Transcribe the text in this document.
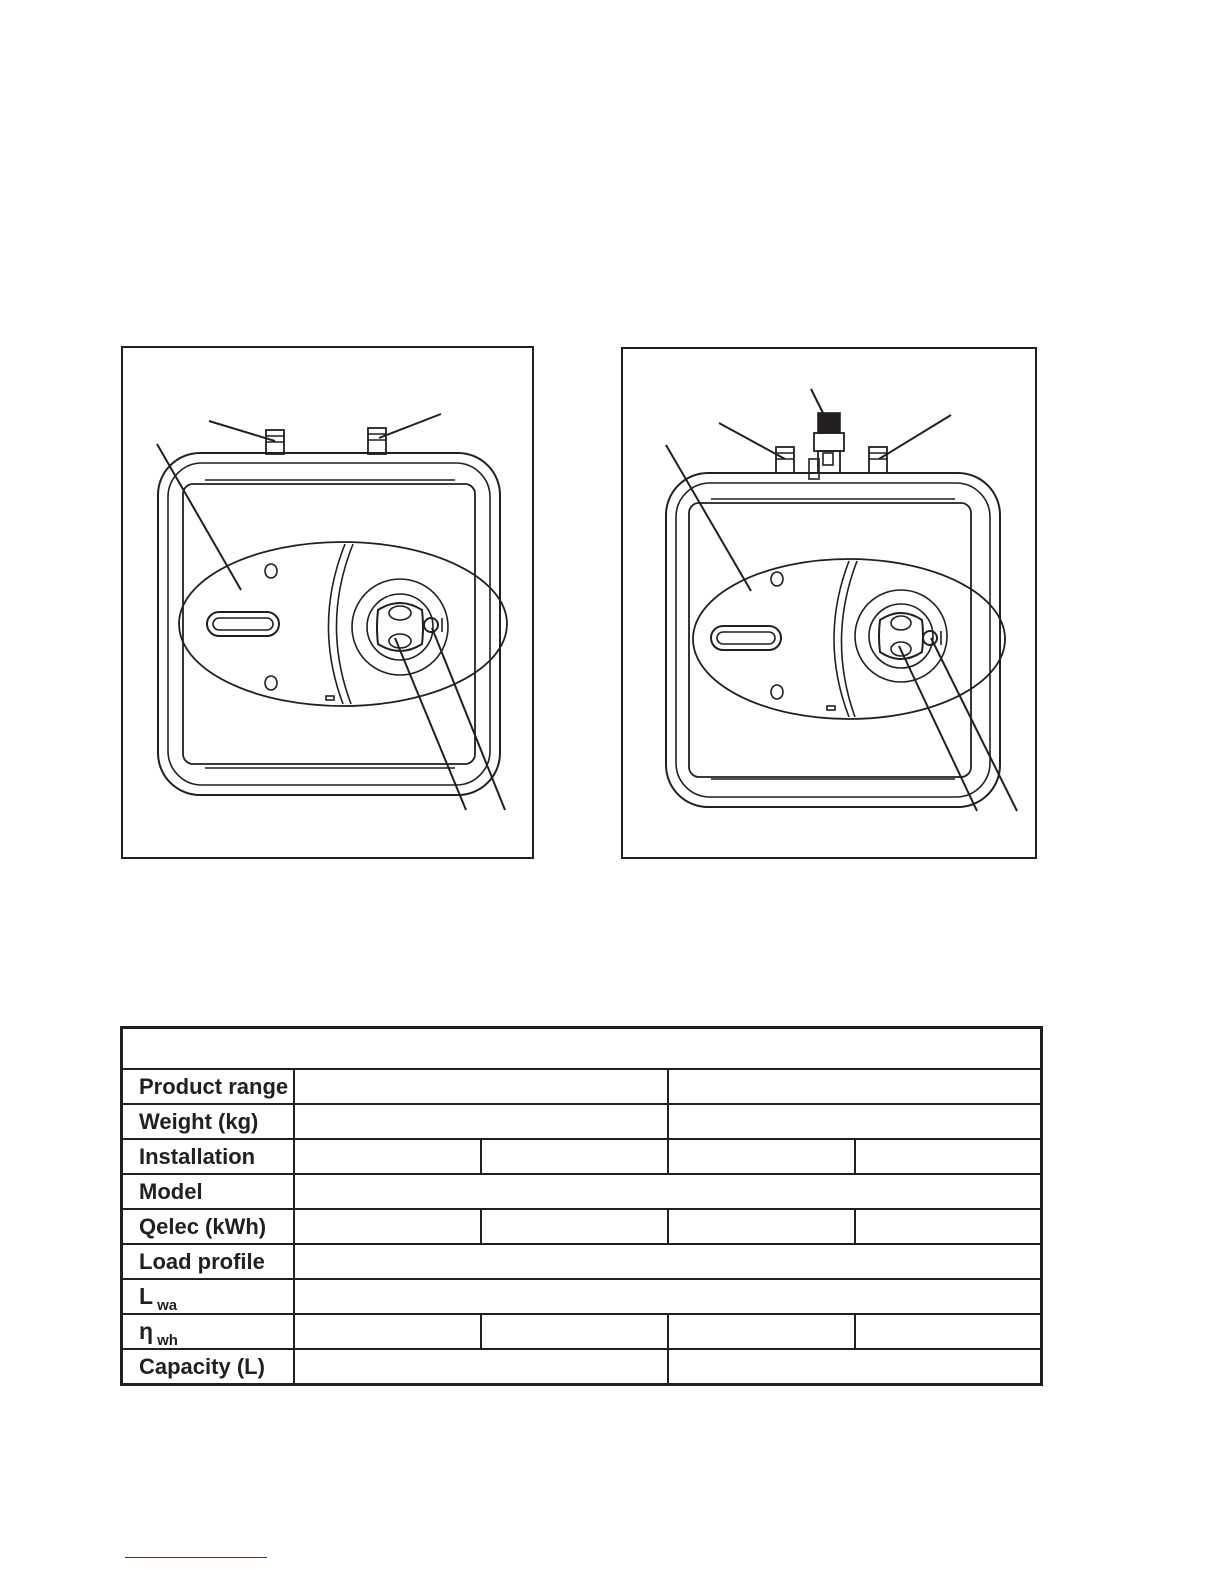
Product range				
Weight (kg)				
Installation				
Model				
Qelec (kWh)				
Load profile				
L $_{wa}$	
η $_{wh}$				
Capacity (L)				
